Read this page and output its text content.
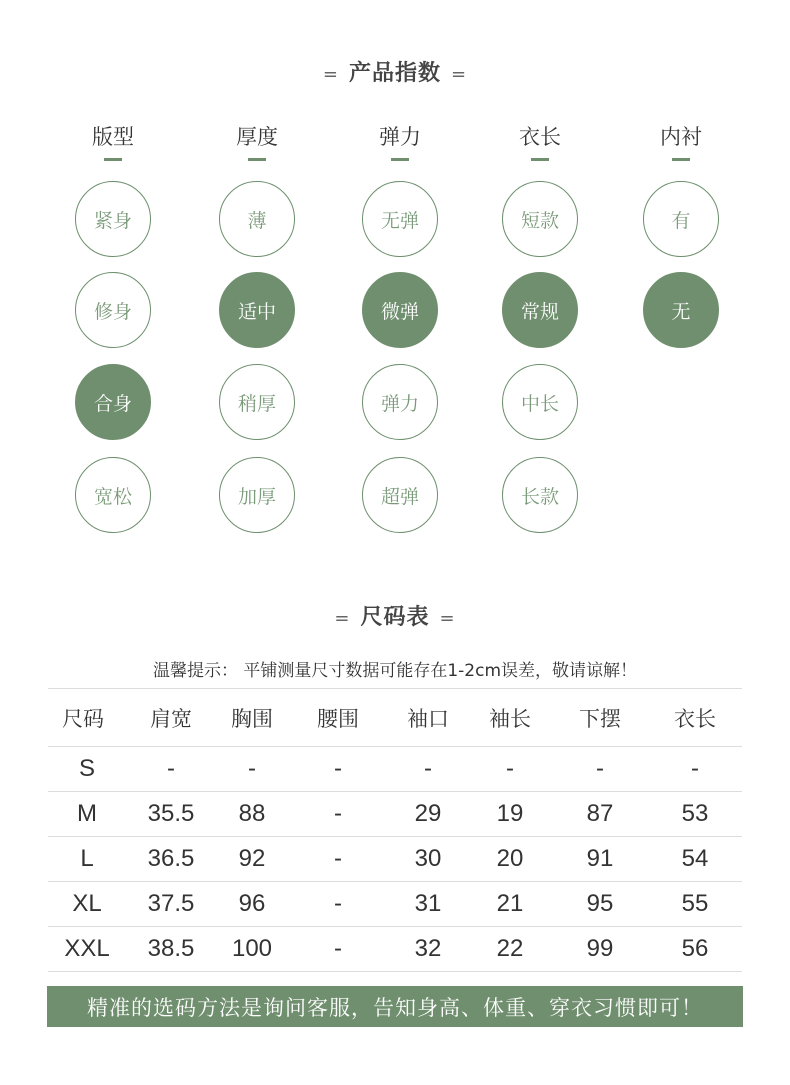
= 产品指数 =
版型
紧身
修身
合身
宽松
厚度
薄
适中
稍厚
加厚
弹力
无弹
微弹
弹力
超弹
衣长
短款
常规
中长
长款
内衬
有
无
= 尺码表 =
温馨提示： 平铺测量尺寸数据可能存在1-2cm误差，敬请谅解！
尺码	肩宽	胸围	腰围	袖口	袖长	下摆	衣长
S	-	-	-	-	-	-	-
M	35.5	88	-	29	19	87	53
L	36.5	92	-	30	20	91	54
XL	37.5	96	-	31	21	95	55
XXL	38.5	100	-	32	22	99	56
精准的选码方法是询问客服，告知身高、体重、穿衣习惯即可！
